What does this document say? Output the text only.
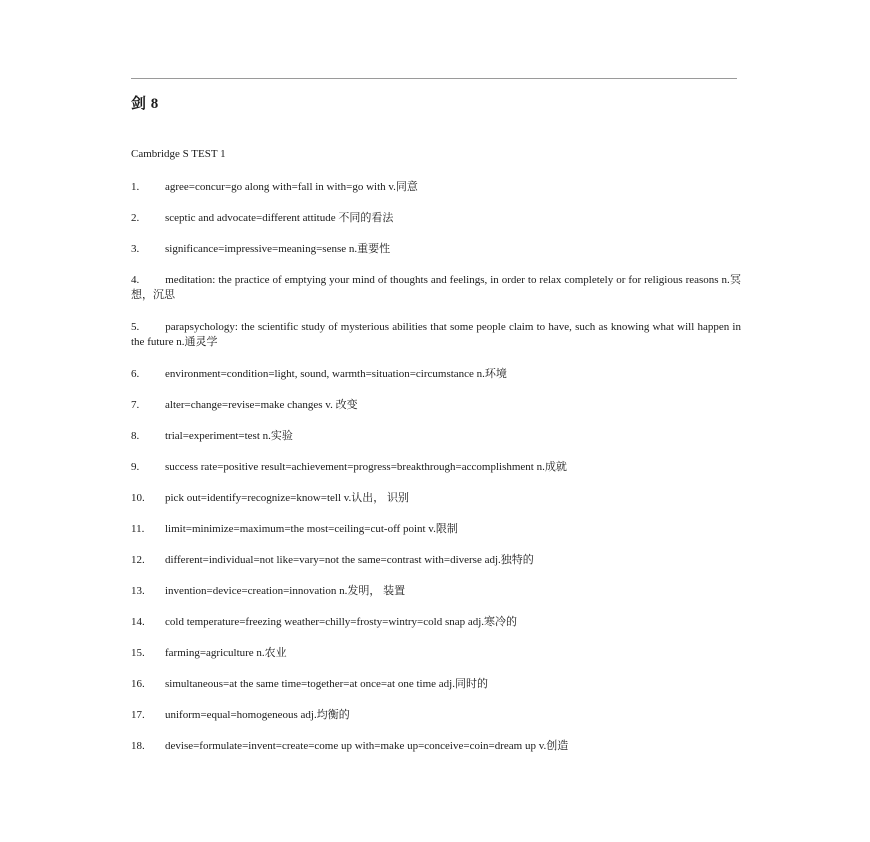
剑 8
Cambridge S TEST 1
1.	agree=concur=go along with=fall in with=go with v.同意
2.	sceptic and advocate=different attitude 不同的看法
3.	significance=impressive=meaning=sense n.重要性
4. meditation: the practice of emptying your mind of thoughts and feelings, in order to relax completely or for religious reasons n.冥想，沉思
5. parapsychology: the scientific study of mysterious abilities that some people claim to have, such as knowing what will happen in the future n.通灵学
6.	environment=condition=light, sound, warmth=situation=circumstance n.环境
7.	alter=change=revise=make changes v. 改变
8.	trial=experiment=test n.实验
9.	success rate=positive result=achievement=progress=breakthrough=accomplishment n.成就
10.	pick out=identify=recognize=know=tell v.认出， 识别
11.	limit=minimize=maximum=the most=ceiling=cut-off point v.限制
12.	different=individual=not like=vary=not the same=contrast with=diverse adj.独特的
13.	invention=device=creation=innovation n.发明， 装置
14.	cold temperature=freezing weather=chilly=frosty=wintry=cold snap adj.寒冷的
15.	farming=agriculture n.农业
16.	simultaneous=at the same time=together=at once=at one time adj.同时的
17.	uniform=equal=homogeneous adj.均衡的
18.	devise=formulate=invent=create=come up with=make up=conceive=coin=dream up v.创造
